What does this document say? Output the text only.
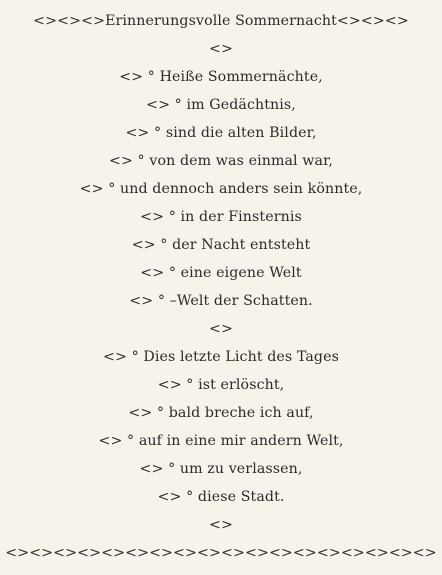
<><><>Erinnerungsvolle Sommernacht<><><>
<>
<> ° Heiße Sommernächte,
<> ° im Gedächtnis,
<> ° sind die alten Bilder,
<> ° von dem was einmal war,
<> ° und dennoch anders sein könnte,
<> ° in der Finsternis
<> ° der Nacht entsteht
<> ° eine eigene Welt
<> ° –Welt der Schatten.
<>
<> ° Dies letzte Licht des Tages
<> ° ist erlöscht,
<> ° bald breche ich auf,
<> ° auf in eine mir andern Welt,
<> ° um zu verlassen,
<> ° diese Stadt.
<>
<><><><><><><><><><><><><><><><><><>
